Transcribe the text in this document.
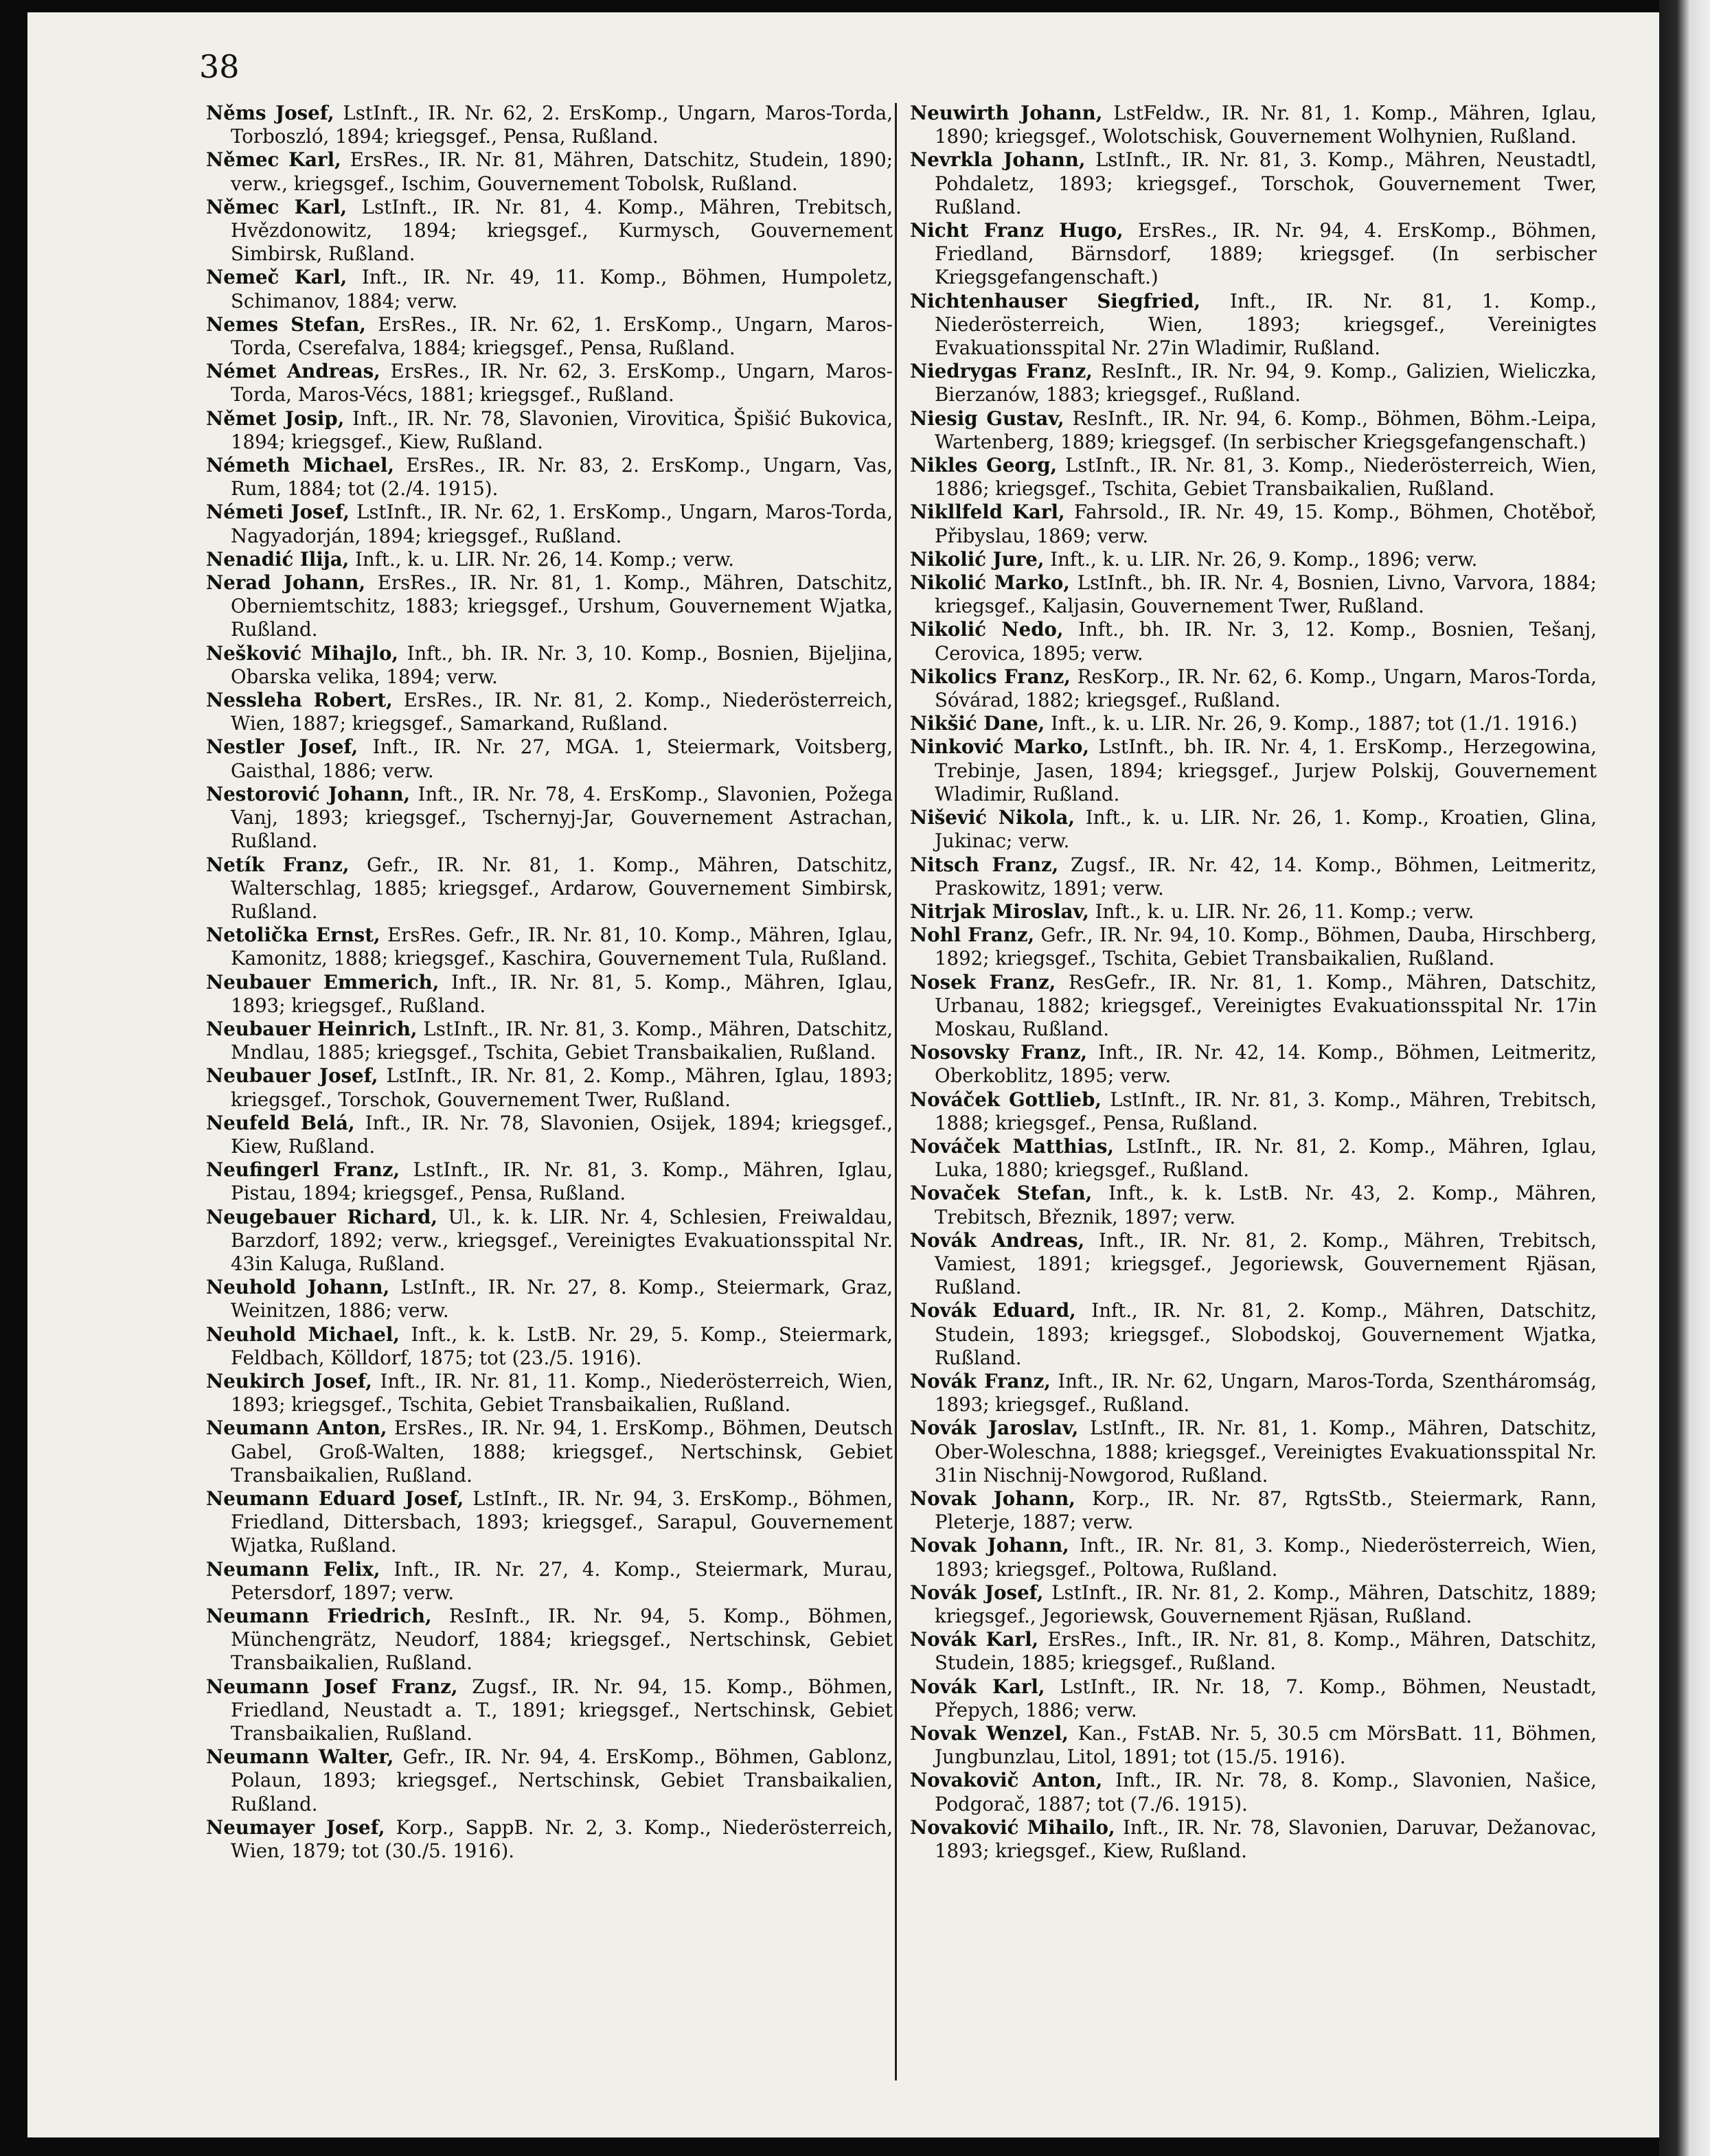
38

Něms Josef, LstInft., IR. Nr. 62, 2. ErsKomp., Ungarn, Maros-Torda, Torboszló, 1894; kriegsgef., Pensa, Rußland.

Němec Karl, ErsRes., IR. Nr. 81, Mähren, Datschitz, Studein, 1890; verw., kriegsgef., Ischim, Gouvernement Tobolsk, Rußland.

Němec Karl, LstInft., IR. Nr. 81, 4. Komp., Mähren, Trebitsch, Hvězdonowitz, 1894; kriegsgef., Kurmysch, Gouvernement Simbirsk, Rußland.

Nemeč Karl, Inft., IR. Nr. 49, 11. Komp., Böhmen, Humpoletz, Schimanov, 1884; verw.

Nemes Stefan, ErsRes., IR. Nr. 62, 1. ErsKomp., Ungarn, Maros-Torda, Cserefalva, 1884; kriegsgef., Pensa, Rußland.

Német Andreas, ErsRes., IR. Nr. 62, 3. ErsKomp., Ungarn, Maros-Torda, Maros-Vécs, 1881; kriegsgef., Rußland.

Němet Josip, Inft., IR. Nr. 78, Slavonien, Virovitica, Špišić Bukovica, 1894; kriegsgef., Kiew, Rußland.

Németh Michael, ErsRes., IR. Nr. 83, 2. ErsKomp., Ungarn, Vas, Rum, 1884; tot (2./4. 1915).

Németi Josef, LstInft., IR. Nr. 62, 1. ErsKomp., Ungarn, Maros-Torda, Nagyadorján, 1894; kriegsgef., Rußland.

Nenadić Ilija, Inft., k. u. LIR. Nr. 26, 14. Komp.; verw.

Nerad Johann, ErsRes., IR. Nr. 81, 1. Komp., Mähren, Datschitz, Oberniemtschitz, 1883; kriegsgef., Urshum, Gouvernement Wjatka, Rußland.

Nešković Mihajlo, Inft., bh. IR. Nr. 3, 10. Komp., Bosnien, Bijeljina, Obarska velika, 1894; verw.

Nessleha Robert, ErsRes., IR. Nr. 81, 2. Komp., Niederösterreich, Wien, 1887; kriegsgef., Samarkand, Rußland.

Nestler Josef, Inft., IR. Nr. 27, MGA. 1, Steiermark, Voitsberg, Gaisthal, 1886; verw.

Nestorović Johann, Inft., IR. Nr. 78, 4. ErsKomp., Slavonien, Požega Vanj, 1893; kriegsgef., Tschernyj-Jar, Gouvernement Astrachan, Rußland.

Netík Franz, Gefr., IR. Nr. 81, 1. Komp., Mähren, Datschitz, Walterschlag, 1885; kriegsgef., Ardarow, Gouvernement Simbirsk, Rußland.

Netolička Ernst, ErsRes. Gefr., IR. Nr. 81, 10. Komp., Mähren, Iglau, Kamonitz, 1888; kriegsgef., Kaschira, Gouvernement Tula, Rußland.

Neubauer Emmerich, Inft., IR. Nr. 81, 5. Komp., Mähren, Iglau, 1893; kriegsgef., Rußland.

Neubauer Heinrich, LstInft., IR. Nr. 81, 3. Komp., Mähren, Datschitz, Mndlau, 1885; kriegsgef., Tschita, Gebiet Transbaikalien, Rußland.

Neubauer Josef, LstInft., IR. Nr. 81, 2. Komp., Mähren, Iglau, 1893; kriegsgef., Torschok, Gouvernement Twer, Rußland.

Neufeld Belá, Inft., IR. Nr. 78, Slavonien, Osijek, 1894; kriegsgef., Kiew, Rußland.

Neufingerl Franz, LstInft., IR. Nr. 81, 3. Komp., Mähren, Iglau, Pistau, 1894; kriegsgef., Pensa, Rußland.

Neugebauer Richard, Ul., k. k. LIR. Nr. 4, Schlesien, Freiwaldau, Barzdorf, 1892; verw., kriegsgef., Vereinigtes Evakuationsspital Nr. 43in Kaluga, Rußland.

Neuhold Johann, LstInft., IR. Nr. 27, 8. Komp., Steiermark, Graz, Weinitzen, 1886; verw.

Neuhold Michael, Inft., k. k. LstB. Nr. 29, 5. Komp., Steiermark, Feldbach, Kölldorf, 1875; tot (23./5. 1916).

Neukirch Josef, Inft., IR. Nr. 81, 11. Komp., Niederösterreich, Wien, 1893; kriegsgef., Tschita, Gebiet Transbaikalien, Rußland.

Neumann Anton, ErsRes., IR. Nr. 94, 1. ErsKomp., Böhmen, Deutsch Gabel, Groß-Walten, 1888; kriegsgef., Nertschinsk, Gebiet Transbaikalien, Rußland.

Neumann Eduard Josef, LstInft., IR. Nr. 94, 3. ErsKomp., Böhmen, Friedland, Dittersbach, 1893; kriegsgef., Sarapul, Gouvernement Wjatka, Rußland.

Neumann Felix, Inft., IR. Nr. 27, 4. Komp., Steiermark, Murau, Petersdorf, 1897; verw.

Neumann Friedrich, ResInft., IR. Nr. 94, 5. Komp., Böhmen, Münchengrätz, Neudorf, 1884; kriegsgef., Nertschinsk, Gebiet Transbaikalien, Rußland.

Neumann Josef Franz, Zugsf., IR. Nr. 94, 15. Komp., Böhmen, Friedland, Neustadt a. T., 1891; kriegsgef., Nertschinsk, Gebiet Transbaikalien, Rußland.

Neumann Walter, Gefr., IR. Nr. 94, 4. ErsKomp., Böhmen, Gablonz, Polaun, 1893; kriegsgef., Nertschinsk, Gebiet Transbaikalien, Rußland.

Neumayer Josef, Korp., SappB. Nr. 2, 3. Komp., Niederösterreich, Wien, 1879; tot (30./5. 1916).

Neuwirth Johann, LstFeldw., IR. Nr. 81, 1. Komp., Mähren, Iglau, 1890; kriegsgef., Wolotschisk, Gouvernement Wolhynien, Rußland.

Nevrkla Johann, LstInft., IR. Nr. 81, 3. Komp., Mähren, Neustadtl, Pohdaletz, 1893; kriegsgef., Torschok, Gouvernement Twer, Rußland.

Nicht Franz Hugo, ErsRes., IR. Nr. 94, 4. ErsKomp., Böhmen, Friedland, Bärnsdorf, 1889; kriegsgef. (In serbischer Kriegsgefangenschaft.)

Nichtenhauser Siegfried, Inft., IR. Nr. 81, 1. Komp., Niederösterreich, Wien, 1893; kriegsgef., Vereinigtes Evakuationsspital Nr. 27in Wladimir, Rußland.

Niedrygas Franz, ResInft., IR. Nr. 94, 9. Komp., Galizien, Wieliczka, Bierzanów, 1883; kriegsgef., Rußland.

Niesig Gustav, ResInft., IR. Nr. 94, 6. Komp., Böhmen, Böhm.-Leipa, Wartenberg, 1889; kriegsgef. (In serbischer Kriegsgefangenschaft.)

Nikles Georg, LstInft., IR. Nr. 81, 3. Komp., Niederösterreich, Wien, 1886; kriegsgef., Tschita, Gebiet Transbaikalien, Rußland.

Nikllfeld Karl, Fahrsold., IR. Nr. 49, 15. Komp., Böhmen, Chotěboř, Přibyslau, 1869; verw.

Nikolić Jure, Inft., k. u. LIR. Nr. 26, 9. Komp., 1896; verw.

Nikolić Marko, LstInft., bh. IR. Nr. 4, Bosnien, Livno, Varvora, 1884; kriegsgef., Kaljasin, Gouvernement Twer, Rußland.

Nikolić Nedo, Inft., bh. IR. Nr. 3, 12. Komp., Bosnien, Tešanj, Cerovica, 1895; verw.

Nikolics Franz, ResKorp., IR. Nr. 62, 6. Komp., Ungarn, Maros-Torda, Sóvárad, 1882; kriegsgef., Rußland.

Nikšić Dane, Inft., k. u. LIR. Nr. 26, 9. Komp., 1887; tot (1./1. 1916.)

Ninković Marko, LstInft., bh. IR. Nr. 4, 1. ErsKomp., Herzegowina, Trebinje, Jasen, 1894; kriegsgef., Jurjew Polskij, Gouvernement Wladimir, Rußland.

Nišević Nikola, Inft., k. u. LIR. Nr. 26, 1. Komp., Kroatien, Glina, Jukinac; verw.

Nitsch Franz, Zugsf., IR. Nr. 42, 14. Komp., Böhmen, Leitmeritz, Praskowitz, 1891; verw.

Nitrjak Miroslav, Inft., k. u. LIR. Nr. 26, 11. Komp.; verw.

Nohl Franz, Gefr., IR. Nr. 94, 10. Komp., Böhmen, Dauba, Hirschberg, 1892; kriegsgef., Tschita, Gebiet Transbaikalien, Rußland.

Nosek Franz, ResGefr., IR. Nr. 81, 1. Komp., Mähren, Datschitz, Urbanau, 1882; kriegsgef., Vereinigtes Evakuationsspital Nr. 17in Moskau, Rußland.

Nosovsky Franz, Inft., IR. Nr. 42, 14. Komp., Böhmen, Leitmeritz, Oberkoblitz, 1895; verw.

Nováček Gottlieb, LstInft., IR. Nr. 81, 3. Komp., Mähren, Trebitsch, 1888; kriegsgef., Pensa, Rußland.

Nováček Matthias, LstInft., IR. Nr. 81, 2. Komp., Mähren, Iglau, Luka, 1880; kriegsgef., Rußland.

Novaček Stefan, Inft., k. k. LstB. Nr. 43, 2. Komp., Mähren, Trebitsch, Březnik, 1897; verw.

Novák Andreas, Inft., IR. Nr. 81, 2. Komp., Mähren, Trebitsch, Vamiest, 1891; kriegsgef., Jegoriewsk, Gouvernement Rjäsan, Rußland.

Novák Eduard, Inft., IR. Nr. 81, 2. Komp., Mähren, Datschitz, Studein, 1893; kriegsgef., Slobodskoj, Gouvernement Wjatka, Rußland.

Novák Franz, Inft., IR. Nr. 62, Ungarn, Maros-Torda, Szentháromság, 1893; kriegsgef., Rußland.

Novák Jaroslav, LstInft., IR. Nr. 81, 1. Komp., Mähren, Datschitz, Ober-Woleschna, 1888; kriegsgef., Vereinigtes Evakuationsspital Nr. 31in Nischnij-Nowgorod, Rußland.

Novak Johann, Korp., IR. Nr. 87, RgtsStb., Steiermark, Rann, Pleterje, 1887; verw.

Novak Johann, Inft., IR. Nr. 81, 3. Komp., Niederösterreich, Wien, 1893; kriegsgef., Poltowa, Rußland.

Novák Josef, LstInft., IR. Nr. 81, 2. Komp., Mähren, Datschitz, 1889; kriegsgef., Jegoriewsk, Gouvernement Rjäsan, Rußland.

Novák Karl, ErsRes., Inft., IR. Nr. 81, 8. Komp., Mähren, Datschitz, Studein, 1885; kriegsgef., Rußland.

Novák Karl, LstInft., IR. Nr. 18, 7. Komp., Böhmen, Neustadt, Přepych, 1886; verw.

Novak Wenzel, Kan., FstAB. Nr. 5, 30.5 cm MörsBatt. 11, Böhmen, Jungbunzlau, Litol, 1891; tot (15./5. 1916).

Novakovič Anton, Inft., IR. Nr. 78, 8. Komp., Slavonien, Našice, Podgorač, 1887; tot (7./6. 1915).

Novaković Mihailo, Inft., IR. Nr. 78, Slavonien, Daruvar, Dežanovac, 1893; kriegsgef., Kiew, Rußland.
